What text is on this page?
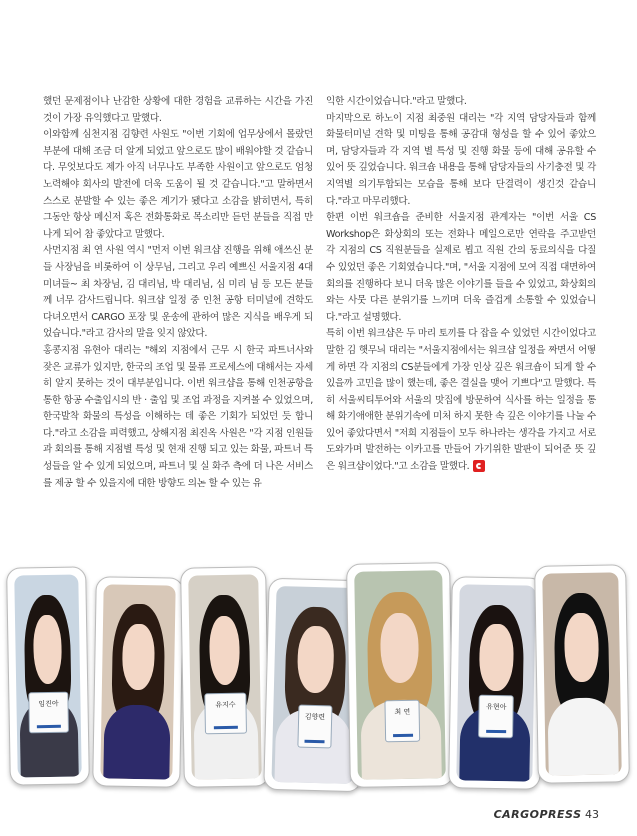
했던 문제점이나 난감한 상황에 대한 경험을 교류하는 시간을 가진 것이 가장 유익했다고 말했다.

이와함께 심천지점 김향련 사원도 "이번 기회에 업무상에서 몰랐던 부분에 대해 조금 더 알게 되었고 앞으로도 많이 배워야할 것 같습니다. 무엇보다도 제가 아직 너무나도 부족한 사원이고 앞으로도 엄청 노력해야 회사의 발전에 더욱 도움이 될 것 같습니다."고 말하면서 스스로 분발할 수 있는 좋은 계기가 됐다고 소감을 밝히면서, 특히 그동안 항상 메신저 혹은 전화통화로 목소리만 듣던 분들을 직접 만나게 되어 참 좋았다고 말했다.

사먼지점 최 연 사원 역시 "먼저 이번 워크샵 진행을 위해 애쓰신 분들 사장님을 비롯하여 이 상무님, 그리고 우리 예쁘신 서울지점 4대 미녀들~ 최 차장님, 김 대리님, 박 대리님, 심 미리 님 등 모든 분들께 너무 감사드립니다. 워크샵 일정 중 인천 공항 터미널에 견학도 다녀오면서 CARGO 포장 및 운송에 관하여 많은 지식을 배우게 되었습니다."라고 감사의 말을 잊지 않았다.

홍콩지점 유현아 대리는 "해외 지점에서 근무 시 한국 파트너사와 잦은 교류가 있지만, 한국의 조업 및 물류 프로세스에 대해서는 자세히 알지 못하는 것이 대부분입니다. 이번 워크샵을 통해 인천공항을 통한 항공 수출입시의 반 · 출입 및 조업 과정을 지켜볼 수 있었으며, 한국발착 화물의 특성을 이해하는 데 좋은 기회가 되었던 듯 합니다."라고 소감을 피력했고, 상해지점 최진옥 사원은 "각 지점 인원들과 회의를 통해 지점별 특성 및 현재 진행 되고 있는 화물, 파트너 특성들을 알 수 있게 되었으며, 파트너 및 실 화주 측에 더 나은 서비스를 제공 할 수 있을지에 대한 방향도 의논 할 수 있는 유

익한 시간이었습니다."라고 말했다.

마지막으로 하노이 지점 최중원 대리는 "각 지역 담당자들과 함께 화물터미널 견학 및 미팅을 통해 공감대 형성을 할 수 있어 좋았으며, 담당자들과 각 지역 별 특성 및 진행 화물 등에 대해 공유할 수 있어 뜻 깊었습니다. 워크숍 내용을 통해 담당자들의 사기충전 및 각 지역별 의기투합되는 모습을 통해 보다 단결력이 생긴것 같습니다."라고 마무리했다.

한편 이번 워크숍을 준비한 서울지점 관계자는 "이번 서울 CS Workshop은 화상회의 또는 전화나 메일으로만 연락을 주고받던 각 지점의 CS 직원분들을 실제로 뵙고 직원 간의 동료의식을 다질 수 있었던 좋은 기회였습니다."며, "서울 지점에 모여 직접 대면하여 회의를 진행하다 보니 더욱 많은 이야기를 들을 수 있었고, 화상회의와는 사뭇 다른 분위기를 느끼며 더욱 즐겁게 소통할 수 있었습니다."라고 설명했다.

특히 이번 워크샵은 두 마리 토끼를 다 잡을 수 있었던 시간이었다고 말한 김 햇무늬 대리는 "서울지점에서는 워크샵 일정을 짜면서 어떻게 하면 각 지점의 CS분들에게 가장 인상 깊은 워크숍이 되게 할 수 있을까 고민을 많이 했는데, 좋은 결실을 맺어 기쁘다"고 말했다. 특히 서울씨티투어와 서울의 맛집에 방문하여 식사를 하는 일정을 통해 화기애애한 분위기속에 미처 하지 못한 속 깊은 이야기를 나눌 수 있어 좋았다면서 "저희 지점들이 모두 하나라는 생각을 가지고 서로 도와가며 발전하는 이카고를 만들어 가기위한 발판이 되어준 뜻 깊은 워크샵이었다."고 소감을 말했다.

임진아	유지수
김향련
최 연
유현아
CARGOPRESS 43
